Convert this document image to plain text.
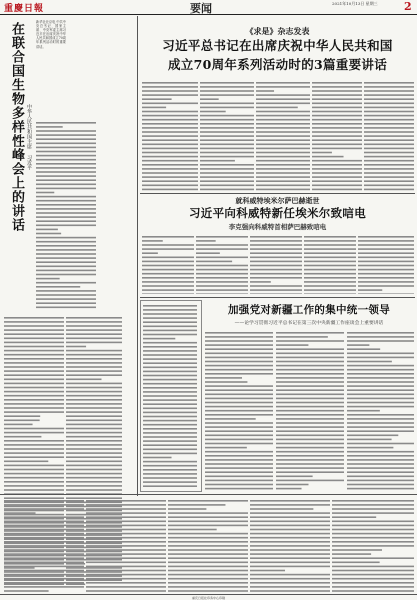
重慶日報	要闻	2021年10月13日 星期三	2
在联合国生物多样性峰会上的讲话 中华人民共和国主席 习近平

新华社北京电 中共中央总书记、国家主席、中央军委主席习近平在出席庆祝中华人民共和国成立70周年系列活动时的重要讲话。

《求是》杂志发表
习近平总书记在出席庆祝中华人民共和国
成立70周年系列活动时的3篇重要讲话
就科威特埃米尔萨巴赫逝世
习近平向科威特新任埃米尔致唁电
李克强向科威特首相萨巴赫致唁电
加强党对新疆工作的集中统一领导
——论学习贯彻习近平总书记在第三次中央新疆工作座谈会上重要讲话
重庆日报社印务中心印刷
